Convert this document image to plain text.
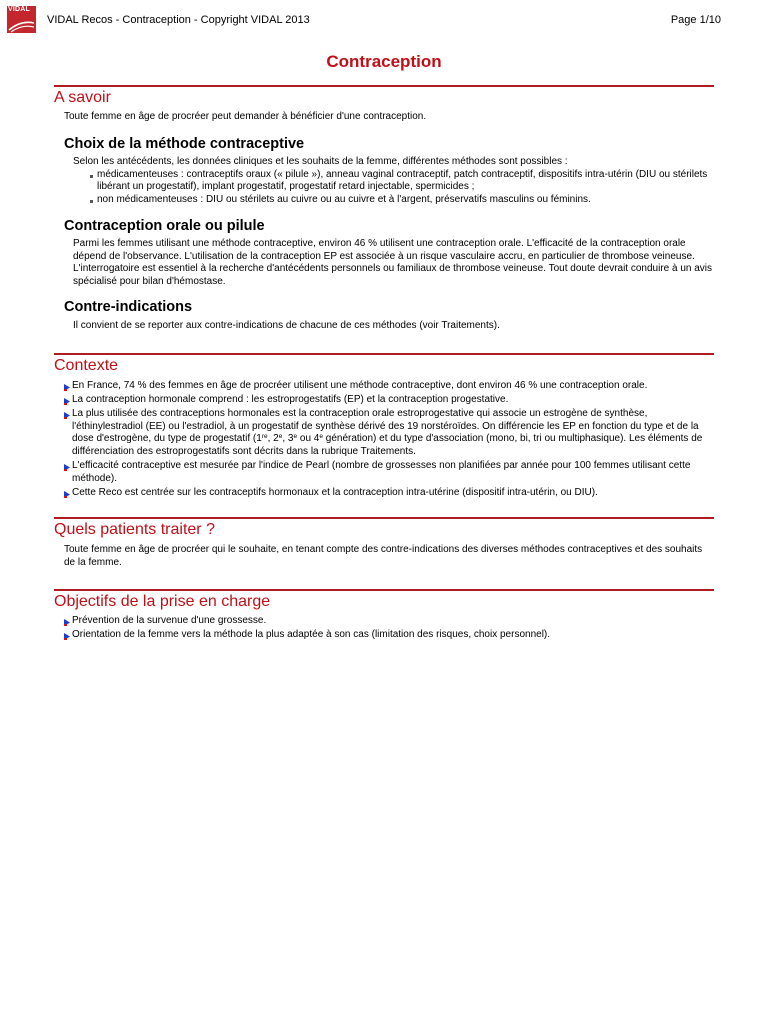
VIDAL
VIDAL Recos - Contraception - Copyright VIDAL 2013	Page 1/10
Contraception
A savoir
Toute femme en âge de procréer peut demander à bénéficier d'une contraception.
Choix de la méthode contraceptive
Selon les antécédents, les données cliniques et les souhaits de la femme, différentes méthodes sont possibles :
médicamenteuses : contraceptifs oraux (« pilule »), anneau vaginal contraceptif, patch contraceptif, dispositifs intra-utérin (DIU ou stérilets libérant un progestatif), implant progestatif, progestatif retard injectable, spermicides ;
non médicamenteuses : DIU ou stérilets au cuivre ou au cuivre et à l'argent, préservatifs masculins ou féminins.
Contraception orale ou pilule
Parmi les femmes utilisant une méthode contraceptive, environ 46 % utilisent une contraception orale. L'efficacité de la contraception orale dépend de l'observance. L'utilisation de la contraception EP est associée à un risque vasculaire accru, en particulier de thrombose veineuse. L'interrogatoire est essentiel à la recherche d'antécédents personnels ou familiaux de thrombose veineuse. Tout doute devrait conduire à un avis spécialisé pour bilan d'hémostase.
Contre-indications
Il convient de se reporter aux contre-indications de chacune de ces méthodes (voir Traitements).
Contexte
En France, 74 % des femmes en âge de procréer utilisent une méthode contraceptive, dont environ 46 % une contraception orale.
La contraception hormonale comprend : les estroprogestatifs (EP) et la contraception progestative.
La plus utilisée des contraceptions hormonales est la contraception orale estroprogestative qui associe un estrogène de synthèse, l'éthinylestradiol (EE) ou l'estradiol, à un progestatif de synthèse dérivé des 19 norstéroïdes. On différencie les EP en fonction du type et de la dose d'estrogène, du type de progestatif (1re, 2e, 3e ou 4e génération) et du type d'association (mono, bi, tri ou multiphasique). Les éléments de différenciation des estroprogestatifs sont décrits dans la rubrique Traitements.
L'efficacité contraceptive est mesurée par l'indice de Pearl (nombre de grossesses non planifiées par année pour 100 femmes utilisant cette méthode).
Cette Reco est centrée sur les contraceptifs hormonaux et la contraception intra-utérine (dispositif intra-utérin, ou DIU).
Quels patients traiter ?
Toute femme en âge de procréer qui le souhaite, en tenant compte des contre-indications des diverses méthodes contraceptives et des souhaits de la femme.
Objectifs de la prise en charge
Prévention de la survenue d'une grossesse.
Orientation de la femme vers la méthode la plus adaptée à son cas (limitation des risques, choix personnel).
